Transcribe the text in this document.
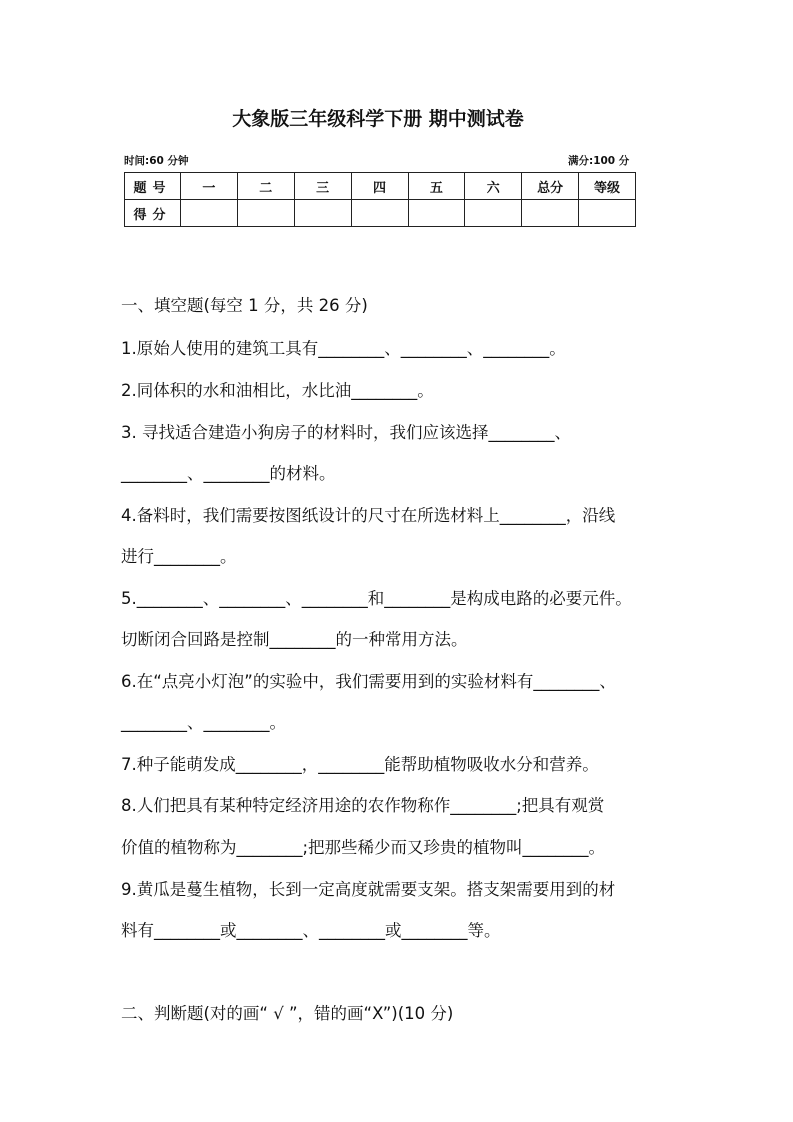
大象版三年级科学下册 期中测试卷
时间:60 分钟	满分:100 分
题号	一	二	三	四	五	六	总分	等级
得分								
一、填空题(每空 1 分，共 26 分)
1.原始人使用的建筑工具有________、________、________。
2.同体积的水和油相比，水比油________。
3. 寻找适合建造小狗房子的材料时，我们应该选择________、
________、________的材料。
4.备料时，我们需要按图纸设计的尺寸在所选材料上________，沿线
进行________。
5.________、________、________和________是构成电路的必要元件。
切断闭合回路是控制________的一种常用方法。
6.在“点亮小灯泡”的实验中，我们需要用到的实验材料有________、
________、________。
7.种子能萌发成________，________能帮助植物吸收水分和营养。
8.人们把具有某种特定经济用途的农作物称作________;把具有观赏
价值的植物称为________;把那些稀少而又珍贵的植物叫________。
9.黄瓜是蔓生植物，长到一定高度就需要支架。搭支架需要用到的材
料有________或________、________或________等。
二、判断题(对的画“ √ ”，错的画“X”)(10 分)
